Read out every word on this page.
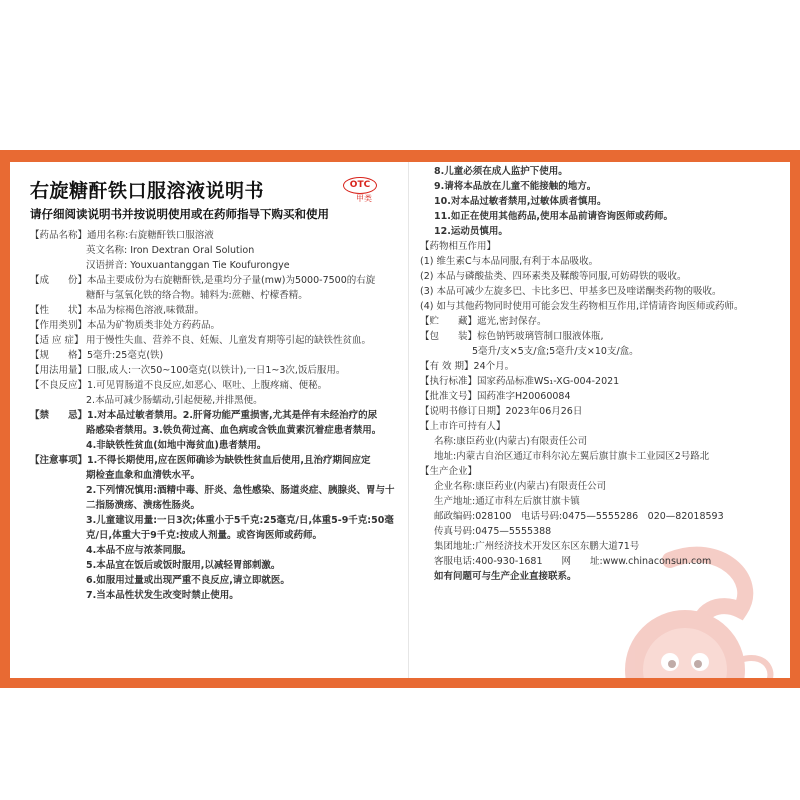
右旋糖酐铁口服溶液说明书	OTC
甲类
请仔细阅读说明书并按说明使用或在药师指导下购买和使用
【药品名称】 通用名称:右旋糖酐铁口服溶液
英文名称: Iron Dextran Oral Solution
汉语拼音: Youxuantanggan Tie Koufurongye
【成　　份】 本品主要成份为右旋糖酐铁,是重均分子量(mw)为5000-7500的右旋
糖酐与氢氧化铁的络合物。辅料为:蔗糖、柠檬香精。
【性　　状】 本品为棕褐色溶液,味微甜。
【作用类别】 本品为矿物质类非处方药药品。
【适 应 症】 用于慢性失血、营养不良、妊娠、儿童发育期等引起的缺铁性贫血。
【规　　格】 5毫升:25毫克(铁)
【用法用量】 口服,成人:一次50~100毫克(以铁计),一日1~3次,饭后服用。
【不良反应】 1.可见胃肠道不良反应,如恶心、呕吐、上腹疼痛、便秘。
2.本品可减少肠蠕动,引起便秘,并排黑便。
【禁　　忌】 1.对本品过敏者禁用。2.肝肾功能严重损害,尤其是伴有未经治疗的尿
路感染者禁用。3.铁负荷过高、血色病或含铁血黄素沉着症患者禁用。
4.非缺铁性贫血(如地中海贫血)患者禁用。
【注意事项】 1.不得长期使用,应在医师确诊为缺铁性贫血后使用,且治疗期间应定
期检查血象和血清铁水平。
2.下列情况慎用:酒精中毒、肝炎、急性感染、肠道炎症、胰腺炎、胃与十二指肠溃疡、溃疡性肠炎。
3.儿童建议用量:一日3次;体重小于5千克:25毫克/日,体重5-9千克:50毫克/日,体重大于9千克:按成人剂量。或咨询医师或药师。
4.本品不应与浓茶同服。
5.本品宜在饭后或饭时服用,以减轻胃部刺激。
6.如服用过量或出现严重不良反应,请立即就医。
7.当本品性状发生改变时禁止使用。
8.儿童必须在成人监护下使用。
9.请将本品放在儿童不能接触的地方。
10.对本品过敏者禁用,过敏体质者慎用。
11.如正在使用其他药品,使用本品前请咨询医师或药师。
12.运动员慎用。
【药物相互作用】
(1) 维生素C与本品同服,有利于本品吸收。
(2) 本品与磷酸盐类、四环素类及鞣酸等同服,可妨碍铁的吸收。
(3) 本品可减少左旋多巴、卡比多巴、甲基多巴及喹诺酮类药物的吸收。
(4) 如与其他药物同时使用可能会发生药物相互作用,详情请咨询医师或药师。
【贮　　藏】遮光,密封保存。
【包　　装】棕色钠钙玻璃管制口服液体瓶,
5毫升/支×5支/盒;5毫升/支×10支/盒。
【有 效 期】24个月。
【执行标准】国家药品标准WS₁-XG-004-2021
【批准文号】国药准字H20060084
【说明书修订日期】2023年06月26日
【上市许可持有人】
名称:康臣药业(内蒙古)有限责任公司
地址:内蒙古自治区通辽市科尔沁左翼后旗甘旗卡工业园区2号路北
【生产企业】
企业名称:康臣药业(内蒙古)有限责任公司
生产地址:通辽市科左后旗甘旗卡镇
邮政编码:028100　电话号码:0475—5555286　020—82018593
传真号码:0475—5555388
集团地址:广州经济技术开发区东区东鹏大道71号
客服电话:400-930-1681　　网　　址:www.chinaconsun.com
如有问题可与生产企业直接联系。
